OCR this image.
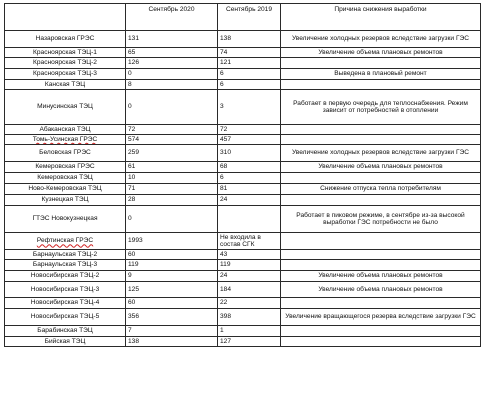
	Сентябрь 2020	Сентябрь 2019	Причина снижения выработки
Назаровская ГРЭС	131	138	Увеличение холодных резервов вследствие загрузки ГЭС
Красноярская ТЭЦ-1	65	74	Увеличение объема плановых ремонтов
Красноярская ТЭЦ-2	126	121	
Красноярская ТЭЦ-3	0	6	Выведена в плановый ремонт
Канская ТЭЦ	8	6	
Минусинская ТЭЦ	0	3	Работает в первую очередь для теплоснабжения. Режим зависит от потребностей в отоплении
Абаканская ТЭЦ	72	72	
Томь-Усинская ГРЭС	574	457	
Беловская ГРЭС	259	310	Увеличение холодных резервов вследствие загрузки ГЭС
Кемеровская ГРЭС	61	68	Увеличение объема плановых ремонтов
Кемеровская ТЭЦ	10	6	
Ново-Кемеровская ТЭЦ	71	81	Снижение отпуска тепла потребителям
Кузнецкая ТЭЦ	28	24	
ГТЭС Новокузнецкая	0		Работает в пиковом режиме, в сентябре из-за высокой выработки ГЭС потребности не было
Рефтинская ГРЭС	1993	Не входила в состав СГК	
Барнаульская ТЭЦ-2	60	43	
Барнаульская ТЭЦ-3	119	119	
Новосибирская ТЭЦ-2	9	24	Увеличение объема плановых ремонтов
Новосибирская ТЭЦ-3	125	184	Увеличение объема плановых ремонтов
Новосибирская ТЭЦ-4	60	22	
Новосибирская ТЭЦ-5	356	398	Увеличение вращающегося резерва вследствие загрузки ГЭС
Барабинская ТЭЦ	7	1	
Бийская ТЭЦ	138	127	
